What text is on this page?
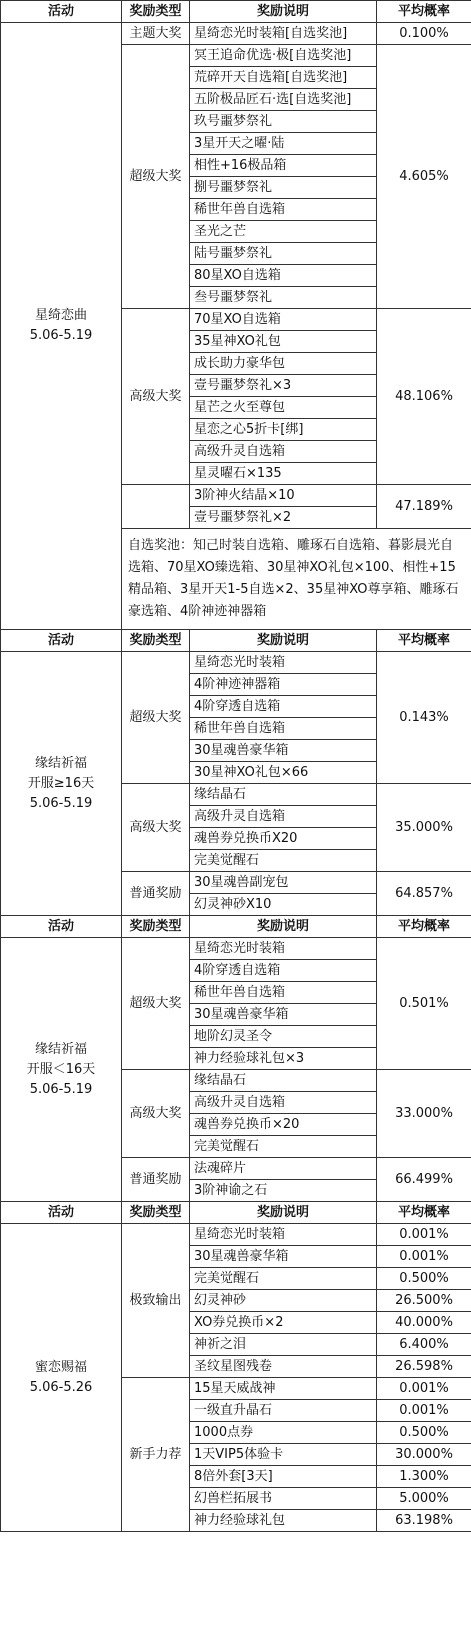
活动	奖励类型	奖励说明	平均概率

星绮恋曲
5.06-5.19	主题大奖	星绮恋光时装箱[自选奖池]	0.100%
	超级大奖	冥王追命优选·极[自选奖池]	4.605%
		荒碎开天自选箱[自选奖池]	
		五阶极品匠石·选[自选奖池]	
		玖号噩梦祭礼	
		3星开天之曜·陆	
		相性+16极品箱	
		捌号噩梦祭礼	
		稀世年兽自选箱	
		圣光之芒	
		陆号噩梦祭礼	
		80星XO自选箱	
		叁号噩梦祭礼	
	高级大奖	70星XO自选箱	48.106%
		35星神XO礼包	
		成长助力豪华包	
		壹号噩梦祭礼×3	
		星芒之火至尊包	
		星恋之心5折卡[绑]	
		高级升灵自选箱	
		星灵曜石×135	
		3阶神火结晶×10	47.189%
		壹号噩梦祭礼×2	
	自选奖池：知己时装自选箱、雕琢石自选箱、暮影晨光自选箱、70星XO臻选箱、30星神XO礼包×100、相性+15精品箱、3星开天1-5自选×2、35星神XO尊享箱、雕琢石豪选箱、4阶神迹神器箱		
活动	奖励类型	奖励说明	平均概率

缘结祈福
开服≥16天
5.06-5.19	超级大奖	星绮恋光时装箱	0.143%
		4阶神迹神器箱	
		4阶穿透自选箱	
		稀世年兽自选箱	
		30星魂兽豪华箱	
		30星神XO礼包×66	
	高级大奖	缘结晶石	35.000%
		高级升灵自选箱	
		魂兽券兑换币X20	
		完美觉醒石	
	普通奖励	30星魂兽副宠包	64.857%
		幻灵神砂X10	
活动	奖励类型	奖励说明	平均概率

缘结祈福
开服＜16天
5.06-5.19	超级大奖	星绮恋光时装箱	0.501%
		4阶穿透自选箱	
		稀世年兽自选箱	
		30星魂兽豪华箱	
		地阶幻灵圣令	
		神力经验球礼包×3	
	高级大奖	缘结晶石	33.000%
		高级升灵自选箱	
		魂兽券兑换币×20	
		完美觉醒石	
	普通奖励	法魂碎片	66.499%
		3阶神谕之石	
活动	奖励类型	奖励说明	平均概率

蜜恋赐福
5.06-5.26	极致输出	星绮恋光时装箱	0.001%
		30星魂兽豪华箱	0.001%
		完美觉醒石	0.500%
		幻灵神砂	26.500%
		XO券兑换币×2	40.000%
		神祈之泪	6.400%
		圣纹星图残卷	26.598%
	新手力荐	15星天威战神	0.001%
		一级直升晶石	0.001%
		1000点券	0.500%
		1天VIP5体验卡	30.000%
		8倍外套[3天]	1.300%
		幻兽栏拓展书	5.000%
		神力经验球礼包	63.198%
